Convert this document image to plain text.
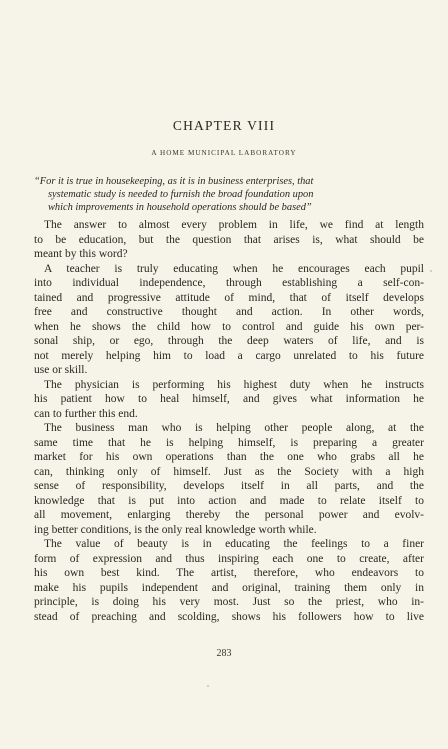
CHAPTER VIII
A HOME MUNICIPAL LABORATORY
“For it is true in housekeeping, as it is in business enterprises, that
systematic study is needed to furnish the broad foundation upon
which improvements in household operations should be based”
The answer to almost every problem in life, we find at length
to be education, but the question that arises is, what should be
meant by this word?
A teacher is truly educating when he encourages each pupil
into individual independence, through establishing a self-con-
tained and progressive attitude of mind, that of itself develops
free and constructive thought and action. In other words,
when he shows the child how to control and guide his own per-
sonal ship, or ego, through the deep waters of life, and is
not merely helping him to load a cargo unrelated to his future
use or skill.
The physician is performing his highest duty when he instructs
his patient how to heal himself, and gives what information he
can to further this end.
The business man who is helping other people along, at the
same time that he is helping himself, is preparing a greater
market for his own operations than the one who grabs all he
can, thinking only of himself. Just as the Society with a high
sense of responsibility, develops itself in all parts, and the
knowledge that is put into action and made to relate itself to
all movement, enlarging thereby the personal power and evolv-
ing better conditions, is the only real knowledge worth while.
The value of beauty is in educating the feelings to a finer
form of expression and thus inspiring each one to create, after
his own best kind. The artist, therefore, who endeavors to
make his pupils independent and original, training them only in
principle, is doing his very most. Just so the priest, who in-
stead of preaching and scolding, shows his followers how to live
283
